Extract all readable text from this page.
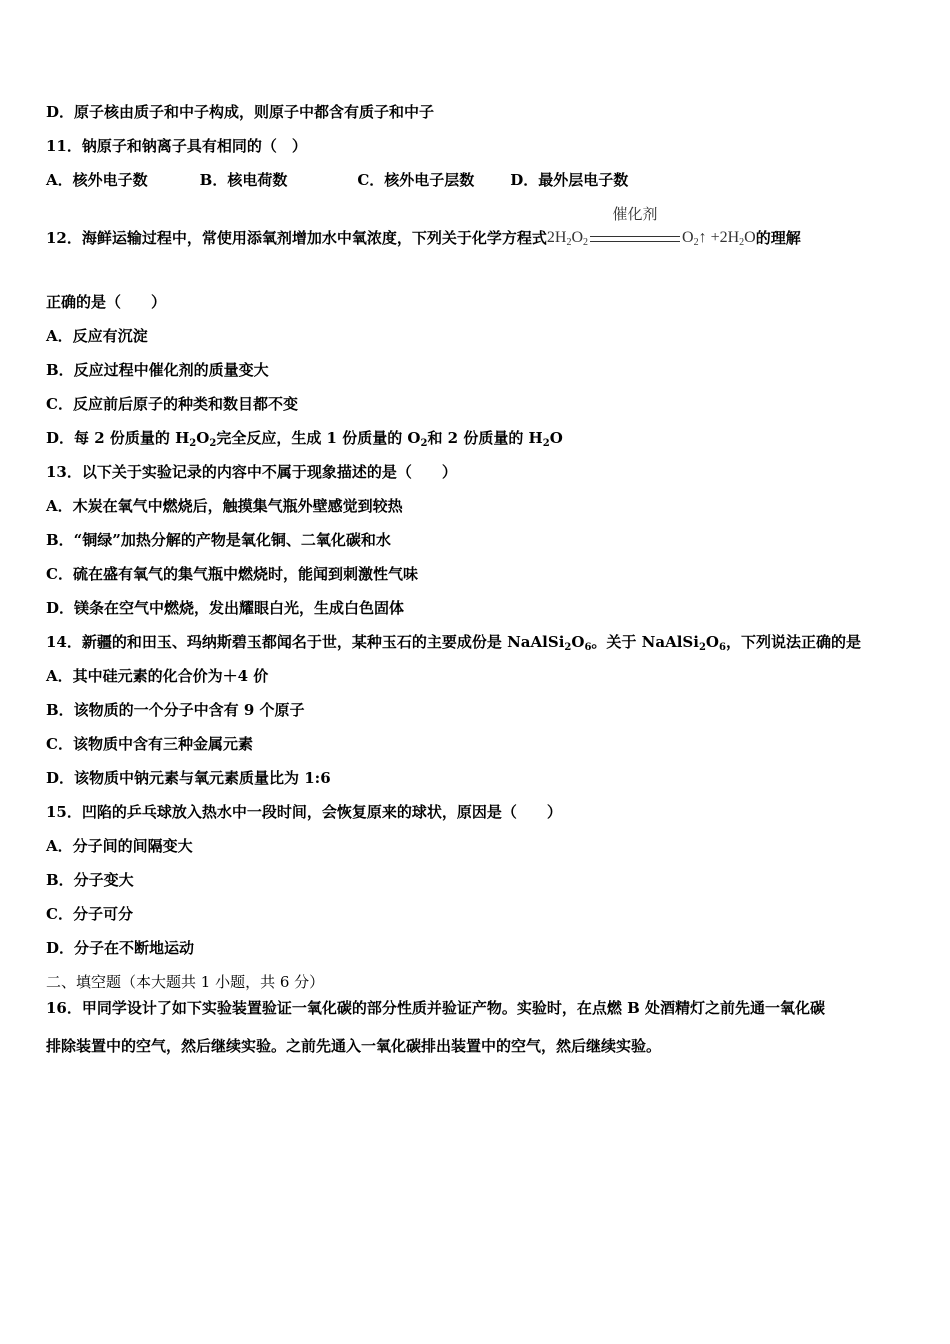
D．原子核由质子和中子构成，则原子中都含有质子和中子
11．钠原子和钠离子具有相同的（　）
A．核外电子数	B．核电荷数	C．核外电子层数 D．最外层电子数
12．海鲜运输过程中，常使用添氧剂增加水中氧浓度，下列关于化学方程式$2H_2O_2$
催化剂
$O_2↑ +2H_2O$的理解
正确的是（　　）
A．反应有沉淀
B．反应过程中催化剂的质量变大
C．反应前后原子的种类和数目都不变
D．每 2 份质量的 $H_2O_2$完全反应，生成 1 份质量的 $O_2$和 2 份质量的 $H_2O$
13．以下关于实验记录的内容中不属于现象描述的是（　　）
A．木炭在氧气中燃烧后，触摸集气瓶外壁感觉到较热
B．“铜绿”加热分解的产物是氧化铜、二氧化碳和水
C．硫在盛有氧气的集气瓶中燃烧时，能闻到刺激性气味
D．镁条在空气中燃烧，发出耀眼白光，生成白色固体
14．新疆的和田玉、玛纳斯碧玉都闻名于世，某种玉石的主要成份是 $NaAlSi_2O_6$。关于 $NaAlSi_2O_6$，下列说法正确的是
A．其中硅元素的化合价为＋4 价
B．该物质的一个分子中含有 9 个原子
C．该物质中含有三种金属元素
D．该物质中钠元素与氧元素质量比为 1:6
15．凹陷的乒乓球放入热水中一段时间，会恢复原来的球状，原因是（　　）
A．分子间的间隔变大
B．分子变大
C．分子可分
D．分子在不断地运动
二、填空题（本大题共 1 小题，共 6 分）
16．甲同学设计了如下实验装置验证一氧化碳的部分性质并验证产物。实验时，在点燃 B 处酒精灯之前先通一氧化碳
排除装置中的空气，然后继续实验。之前先通入一氧化碳排出装置中的空气，然后继续实验。
